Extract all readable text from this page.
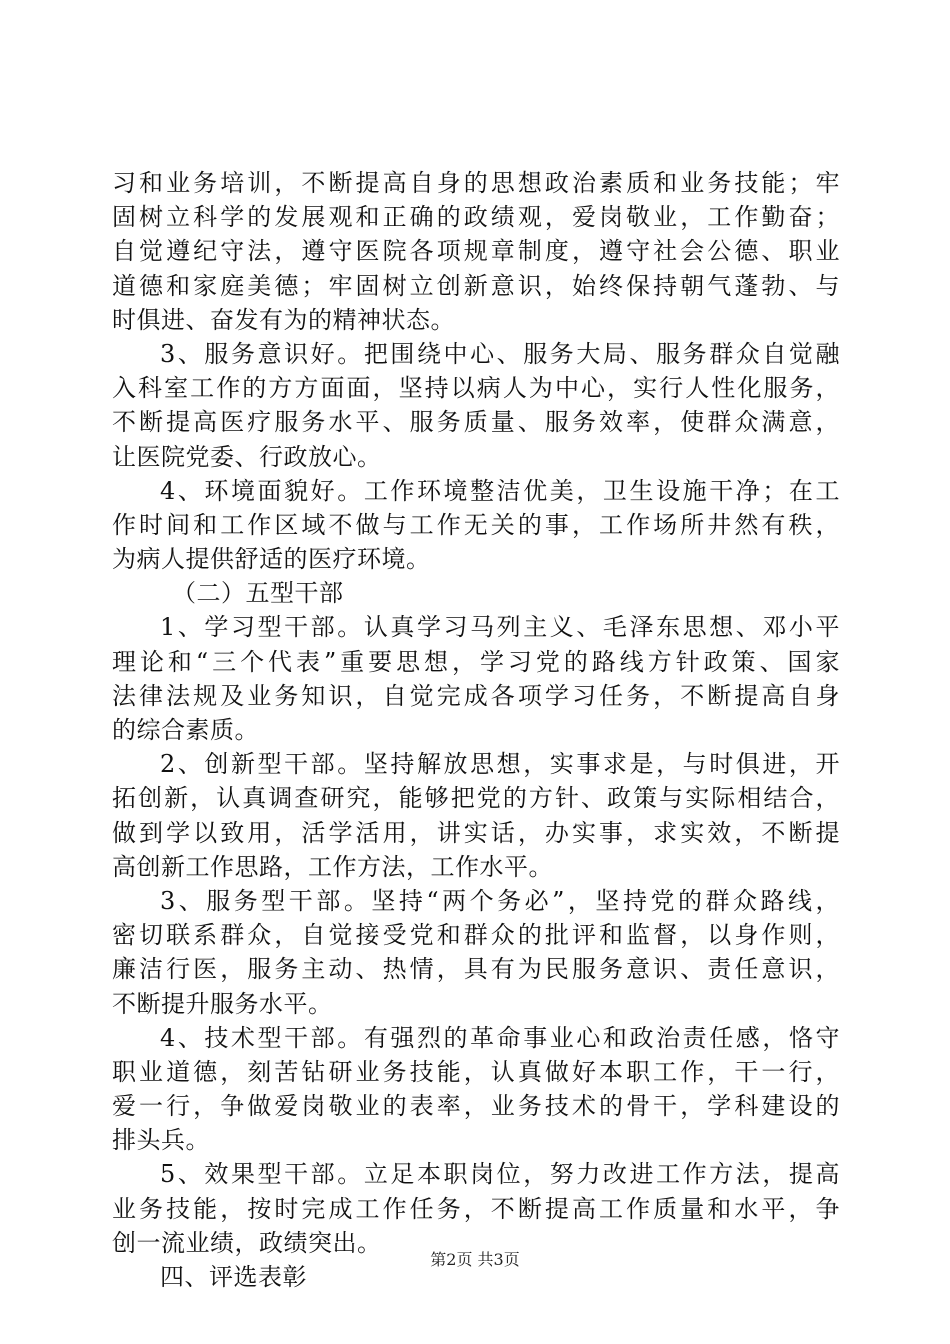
习和业务培训，不断提高自身的思想政治素质和业务技能；牢
固树立科学的发展观和正确的政绩观，爱岗敬业，工作勤奋；
自觉遵纪守法，遵守医院各项规章制度，遵守社会公德、职业
道德和家庭美德；牢固树立创新意识，始终保持朝气蓬勃、与
时俱进、奋发有为的精神状态。
3、服务意识好。把围绕中心、服务大局、服务群众自觉融
入科室工作的方方面面，坚持以病人为中心，实行人性化服务，
不断提高医疗服务水平、服务质量、服务效率，使群众满意，
让医院党委、行政放心。
4、环境面貌好。工作环境整洁优美，卫生设施干净；在工
作时间和工作区域不做与工作无关的事，工作场所井然有秩，
为病人提供舒适的医疗环境。
（二）五型干部
1、学习型干部。认真学习马列主义、毛泽东思想、邓小平
理论和“三个代表”重要思想，学习党的路线方针政策、国家
法律法规及业务知识，自觉完成各项学习任务，不断提高自身
的综合素质。
2、创新型干部。坚持解放思想，实事求是，与时俱进，开
拓创新，认真调查研究，能够把党的方针、政策与实际相结合，
做到学以致用，活学活用，讲实话，办实事，求实效，不断提
高创新工作思路，工作方法，工作水平。
3、服务型干部。坚持“两个务必”，坚持党的群众路线，
密切联系群众，自觉接受党和群众的批评和监督，以身作则，
廉洁行医，服务主动、热情，具有为民服务意识、责任意识，
不断提升服务水平。
4、技术型干部。有强烈的革命事业心和政治责任感，恪守
职业道德，刻苦钻研业务技能，认真做好本职工作，干一行，
爱一行，争做爱岗敬业的表率，业务技术的骨干，学科建设的
排头兵。
5、效果型干部。立足本职岗位，努力改进工作方法，提高
业务技能，按时完成工作任务，不断提高工作质量和水平，争
创一流业绩，政绩突出。
四、评选表彰
第2页 共3页
